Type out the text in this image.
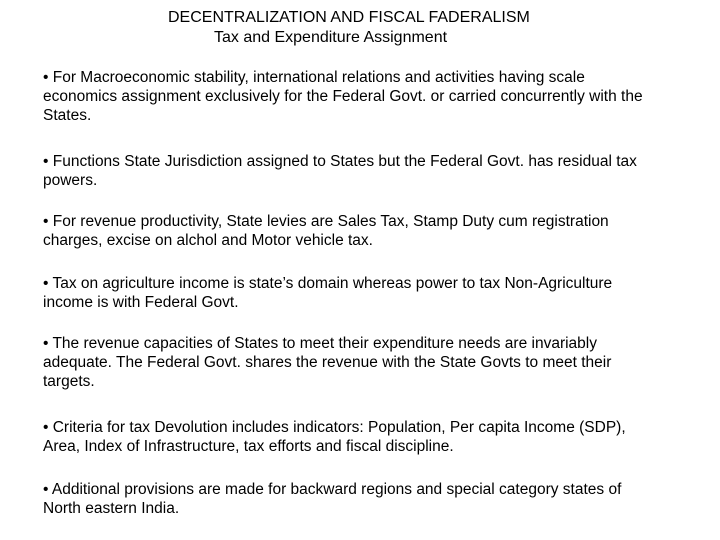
DECENTRALIZATION AND FISCAL FADERALISM
Tax and Expenditure Assignment

• For Macroeconomic stability, international relations and activities having scale
economics assignment exclusively for the Federal Govt. or carried concurrently with the
States.

• Functions State Jurisdiction assigned to States but the Federal Govt. has residual tax
powers.

• For revenue productivity, State levies are Sales Tax, Stamp Duty cum registration
charges, excise on alchol and Motor vehicle tax.

• Tax on agriculture income is state’s domain whereas power to tax Non-Agriculture
income is with Federal Govt.

• The revenue capacities of States to meet their expenditure needs are invariably
adequate. The Federal Govt. shares the revenue with the State Govts to meet their
targets.

• Criteria for tax Devolution includes indicators: Population, Per capita Income (SDP),
Area, Index of Infrastructure, tax efforts and fiscal discipline.

• Additional provisions are made for backward regions and special category states of
North eastern India.
